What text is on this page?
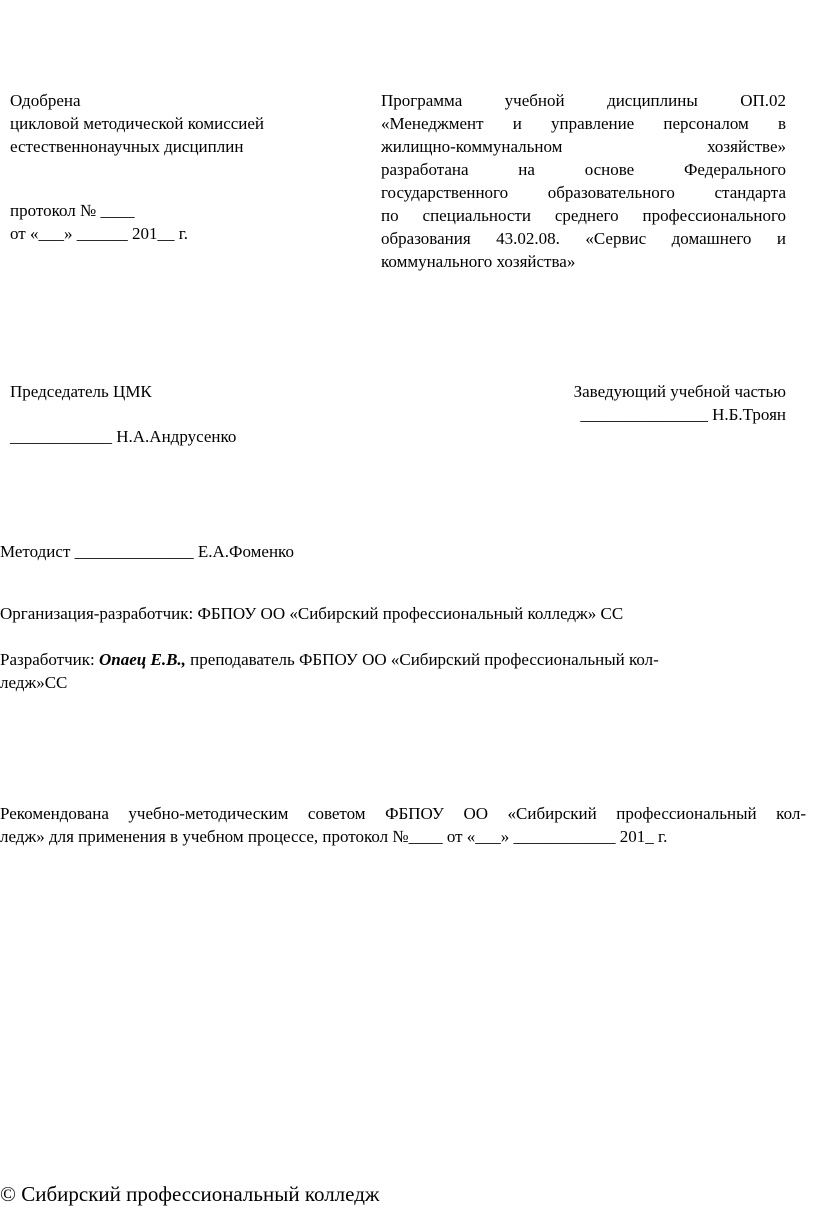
Одобрена
цикловой методической комиссией
естественнонаучных дисциплин
протокол № ____
от «___» ______ 201__ г.
Программа учебной дисциплины ОП.02
«Менеджмент и управление персоналом в
жилищно-коммунальном хозяйстве»
разработана на основе Федерального
государственного образовательного стандарта
по специальности среднего профессионального
образования 43.02.08. «Сервис домашнего и
коммунального хозяйства»
Председатель ЦМК
____________ Н.А.Андрусенко
Заведующий учебной частью
_______________ Н.Б.Троян
Методист ______________ Е.А.Фоменко
Организация-разработчик: ФБПОУ ОО «Сибирский профессиональный колледж» СС
Разработчик: Опаец Е.В., преподаватель ФБПОУ ОО «Сибирский профессиональный кол-
ледж»СС
Рекомендована учебно-методическим советом ФБПОУ ОО «Сибирский профессиональный кол-
ледж» для применения в учебном процессе, протокол №____ от «___» ____________ 201_ г.
© Сибирский профессиональный колледж
